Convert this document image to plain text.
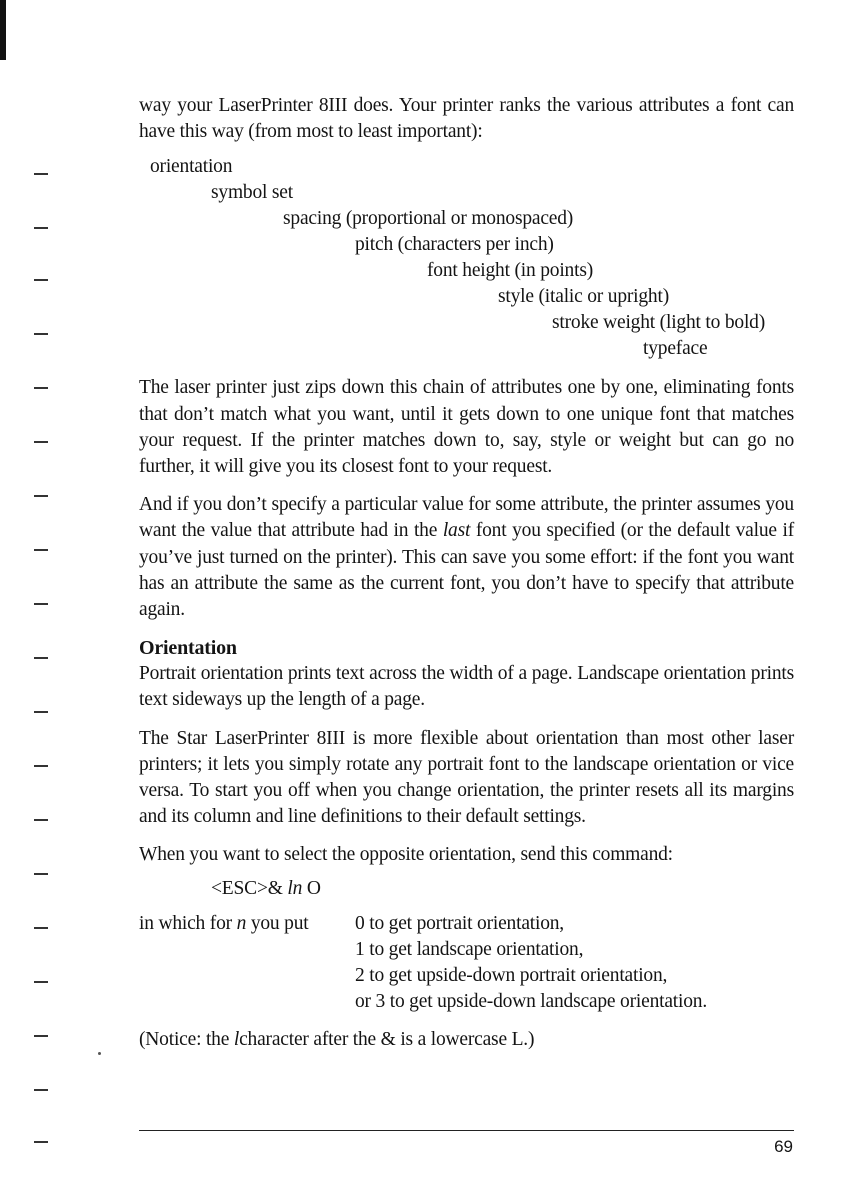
way your LaserPrinter 8III does. Your printer ranks the various attributes a font can have this way (from most to least important):

orientation
symbol set
spacing (proportional or monospaced)
pitch (characters per inch)
font height (in points)
style (italic or upright)
stroke weight (light to bold)
typeface

The laser printer just zips down this chain of attributes one by one, eliminating fonts that don’t match what you want, until it gets down to one unique font that matches your request. If the printer matches down to, say, style or weight but can go no further, it will give you its closest font to your request.

And if you don’t specify a particular value for some attribute, the printer assumes you want the value that attribute had in the last font you specified (or the default value if you’ve just turned on the printer). This can save you some effort: if the font you want has an attribute the same as the current font, you don’t have to specify that attribute again.

Orientation

Portrait orientation prints text across the width of a page. Landscape orientation prints text sideways up the length of a page.

The Star LaserPrinter 8III is more flexible about orientation than most other laser printers; it lets you simply rotate any portrait font to the landscape orientation or vice versa. To start you off when you change orientation, the printer resets all its margins and its column and line definitions to their default settings.

When you want to select the opposite orientation, send this command:

<ESC>& ln O
in which for n you put	0 to get portrait orientation,
1 to get landscape orientation,
2 to get upside-down portrait orientation,
or 3 to get upside-down landscape orientation.

(Notice: the lcharacter after the & is a lowercase L.)

69
